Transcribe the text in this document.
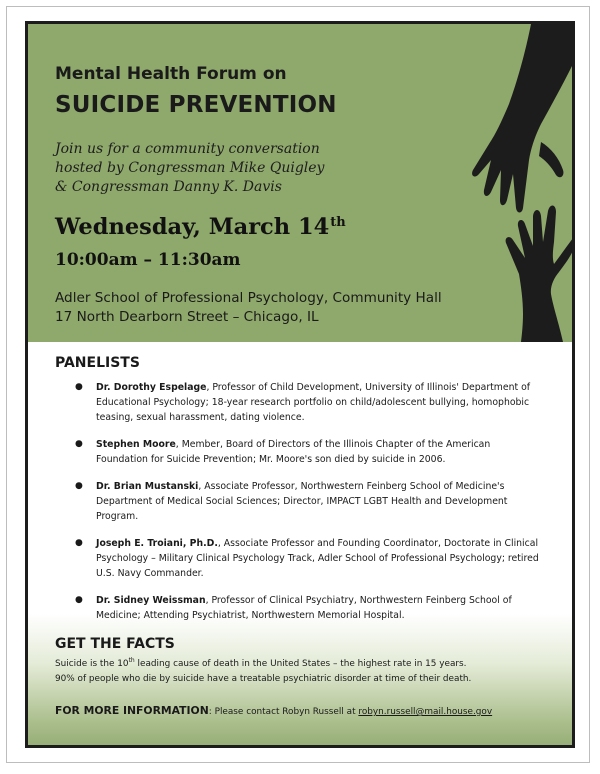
Mental Health Forum on
SUICIDE PREVENTION

Join us for a community conversation
hosted by Congressman Mike Quigley
& Congressman Danny K. Davis

Wednesday, March 14th

10:00am – 11:30am

Adler School of Professional Psychology, Community Hall
17 North Dearborn Street – Chicago, IL

PANELISTS
● Dr. Dorothy Espelage, Professor of Child Development, University of Illinois' Department of Educational Psychology; 18-year research portfolio on child/adolescent bullying, homophobic teasing, sexual harassment, dating violence.
● Stephen Moore, Member, Board of Directors of the Illinois Chapter of the American Foundation for Suicide Prevention; Mr. Moore's son died by suicide in 2006.
● Dr. Brian Mustanski, Associate Professor, Northwestern Feinberg School of Medicine's Department of Medical Social Sciences; Director, IMPACT LGBT Health and Development Program.
● Joseph E. Troiani, Ph.D., Associate Professor and Founding Coordinator, Doctorate in Clinical Psychology – Military Clinical Psychology Track, Adler School of Professional Psychology; retired U.S. Navy Commander.
● Dr. Sidney Weissman, Professor of Clinical Psychiatry, Northwestern Feinberg School of Medicine; Attending Psychiatrist, Northwestern Memorial Hospital.
GET THE FACTS

Suicide is the 10th leading cause of death in the United States – the highest rate in 15 years.
90% of people who die by suicide have a treatable psychiatric disorder at time of their death.

FOR MORE INFORMATION: Please contact Robyn Russell at robyn.russell@mail.house.gov
